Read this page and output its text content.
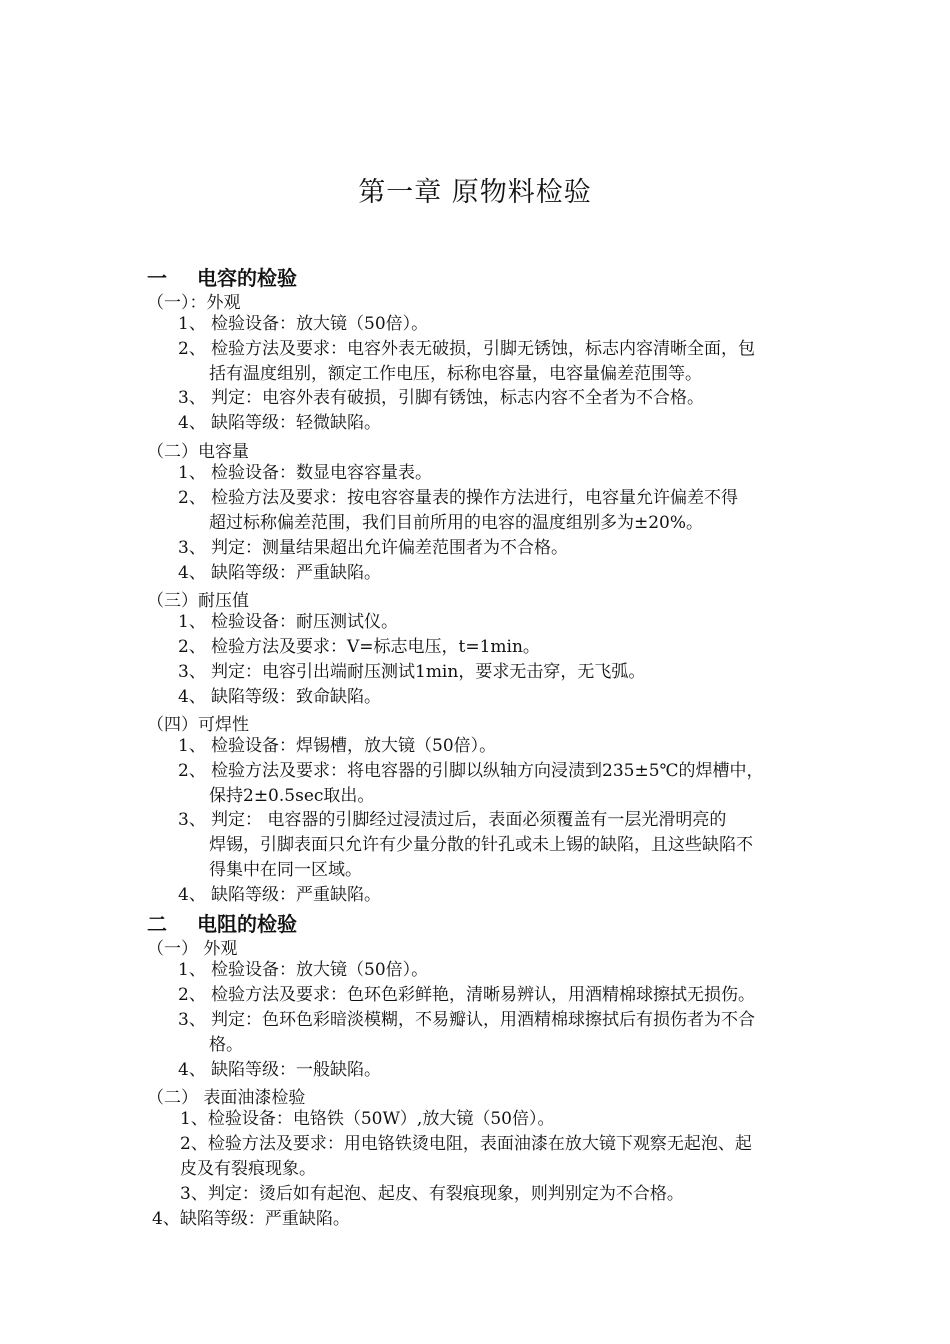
第一章 原物料检验
一 电容的检验
（一）：外观
1、 检验设备：放大镜（50倍）。
2、 检验方法及要求：电容外表无破损，引脚无锈蚀，标志内容清晰全面，包
括有温度组别，额定工作电压，标称电容量，电容量偏差范围等。
3、 判定：电容外表有破损，引脚有锈蚀，标志内容不全者为不合格。
4、 缺陷等级：轻微缺陷。
（二）电容量
1、 检验设备：数显电容容量表。
2、 检验方法及要求：按电容容量表的操作方法进行，电容量允许偏差不得
超过标称偏差范围，我们目前所用的电容的温度组别多为±20%。
3、 判定：测量结果超出允许偏差范围者为不合格。
4、 缺陷等级：严重缺陷。
（三）耐压值
1、 检验设备：耐压测试仪。
2、 检验方法及要求：V=标志电压，t=1min。
3、 判定：电容引出端耐压测试1min，要求无击穿，无飞弧。
4、 缺陷等级：致命缺陷。
（四）可焊性
1、 检验设备：焊锡槽，放大镜（50倍）。
2、 检验方法及要求：将电容器的引脚以纵轴方向浸渍到235±5℃的焊槽中，
保持2±0.5sec取出。
3、 判定： 电容器的引脚经过浸渍过后，表面必须覆盖有一层光滑明亮的
焊锡，引脚表面只允许有少量分散的针孔或未上锡的缺陷，且这些缺陷不
得集中在同一区域。
4、 缺陷等级：严重缺陷。
二 电阻的检验
（一） 外观
1、 检验设备：放大镜（50倍）。
2、 检验方法及要求：色环色彩鲜艳，清晰易辨认，用酒精棉球擦拭无损伤。
3、 判定：色环色彩暗淡模糊，不易瓣认，用酒精棉球擦拭后有损伤者为不合
格。
4、 缺陷等级：一般缺陷。
（二） 表面油漆检验
1、检验设备：电铬铁（50W）,放大镜（50倍）。
2、检验方法及要求：用电铬铁烫电阻，表面油漆在放大镜下观察无起泡、起
皮及有裂痕现象。
3、判定：烫后如有起泡、起皮、有裂痕现象，则判别定为不合格。
4、缺陷等级：严重缺陷。
